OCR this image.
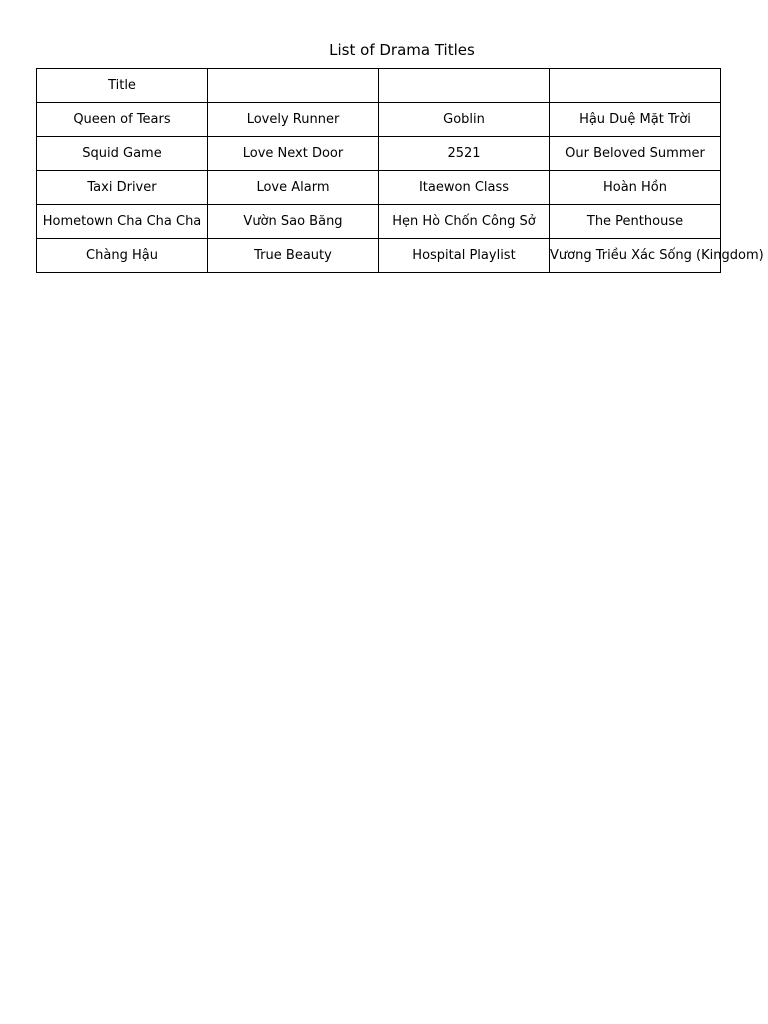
List of Drama Titles
Title			
Queen of Tears	Lovely Runner	Goblin	Hậu Duệ Mặt Trời
Squid Game	Love Next Door	2521	Our Beloved Summer
Taxi Driver	Love Alarm	Itaewon Class	Hoàn Hồn
Hometown Cha Cha Cha	Vườn Sao Băng	Hẹn Hò Chốn Công Sở	The Penthouse
Chàng Hậu	True Beauty	Hospital Playlist	Vương Triều Xác Sống (Kingdom)
